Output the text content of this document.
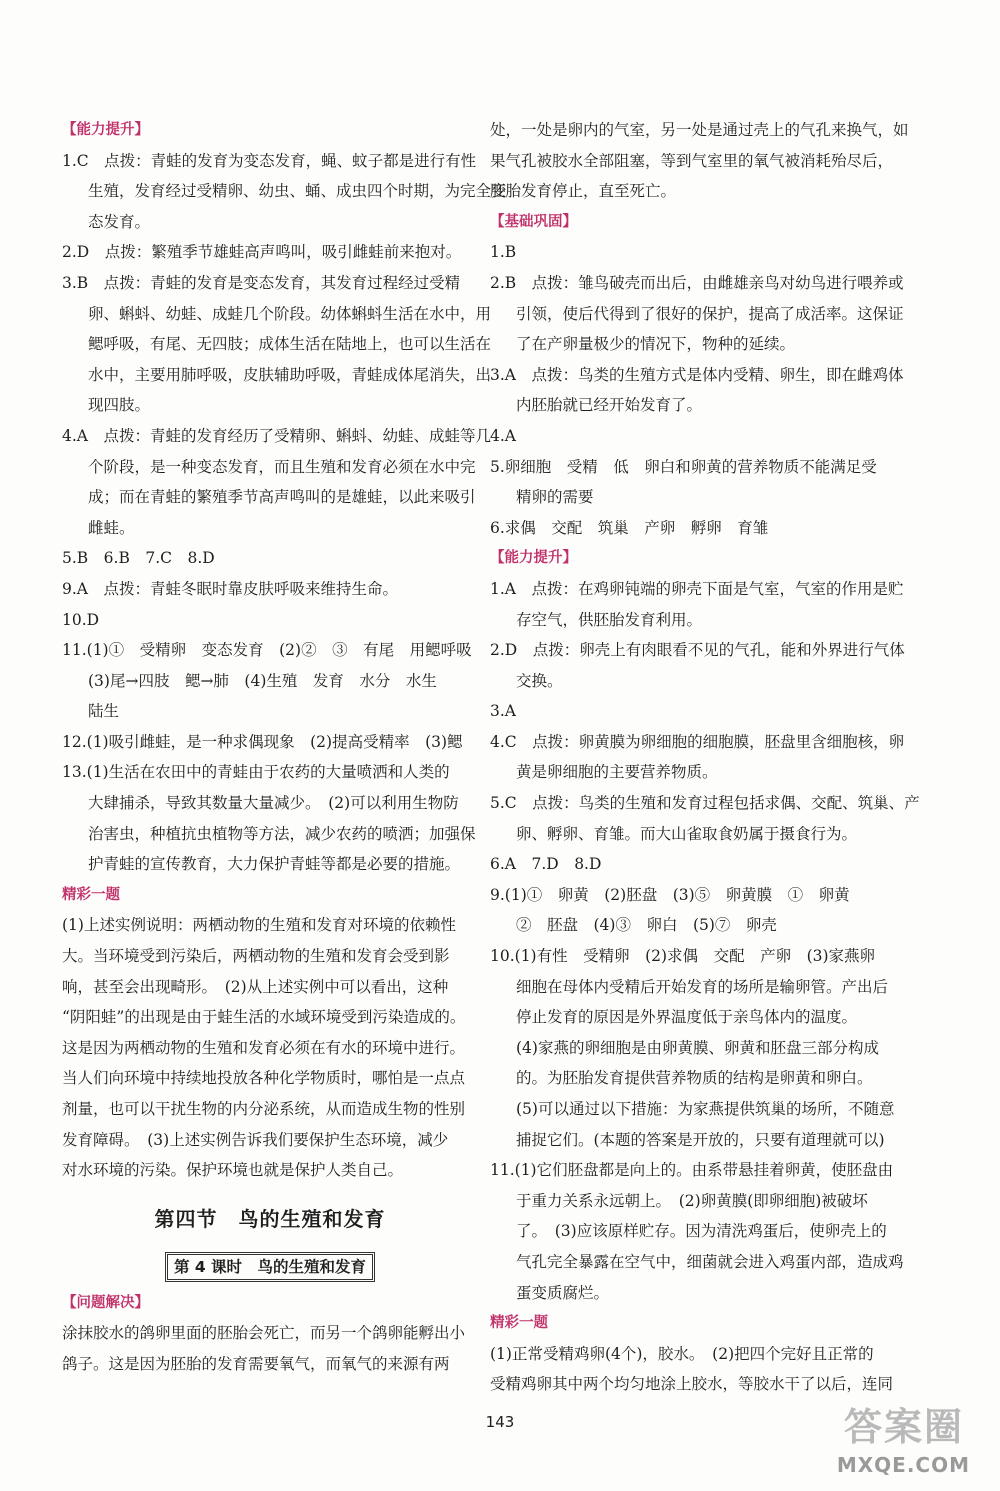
【能力提升】

1.C　点拨：青蛙的发育为变态发育，蝇、蚊子都是进行有性
生殖，发育经过受精卵、幼虫、蛹、成虫四个时期，为完全变
态发育。

2.D　点拨：繁殖季节雄蛙高声鸣叫，吸引雌蛙前来抱对。

3.B　点拨：青蛙的发育是变态发育，其发育过程经过受精
卵、蝌蚪、幼蛙、成蛙几个阶段。幼体蝌蚪生活在水中，用
鳃呼吸，有尾、无四肢；成体生活在陆地上，也可以生活在
水中，主要用肺呼吸，皮肤辅助呼吸，青蛙成体尾消失，出
现四肢。

4.A　点拨：青蛙的发育经历了受精卵、蝌蚪、幼蛙、成蛙等几
个阶段，是一种变态发育，而且生殖和发育必须在水中完
成；而在青蛙的繁殖季节高声鸣叫的是雄蛙，以此来吸引
雌蛙。

5.B　6.B　7.C　8.D

9.A　点拨：青蛙冬眠时靠皮肤呼吸来维持生命。

10.D

11.(1)①　受精卵　变态发育　(2)②　③　有尾　用鳃呼吸
(3)尾→四肢　鳃→肺　(4)生殖　发育　水分　水生
陆生

12.(1)吸引雌蛙，是一种求偶现象　(2)提高受精率　(3)鳃

13.(1)生活在农田中的青蛙由于农药的大量喷洒和人类的
大肆捕杀，导致其数量大量减少。　(2)可以利用生物防
治害虫，种植抗虫植物等方法，减少农药的喷洒；加强保
护青蛙的宣传教育，大力保护青蛙等都是必要的措施。

精彩一题

(1)上述实例说明：两栖动物的生殖和发育对环境的依赖性
大。当环境受到污染后，两栖动物的生殖和发育会受到影
响，甚至会出现畸形。　(2)从上述实例中可以看出，这种
“阴阳蛙”的出现是由于蛙生活的水域环境受到污染造成的。
这是因为两栖动物的生殖和发育必须在有水的环境中进行。
当人们向环境中持续地投放各种化学物质时，哪怕是一点点
剂量，也可以干扰生物的内分泌系统，从而造成生物的性别
发育障碍。　(3)上述实例告诉我们要保护生态环境，减少
对水环境的污染。保护环境也就是保护人类自己。

第四节　鸟的生殖和发育
第 4 课时　鸟的生殖和发育
【问题解决】

涂抹胶水的鸽卵里面的胚胎会死亡，而另一个鸽卵能孵出小
鸽子。这是因为胚胎的发育需要氧气，而氧气的来源有两

处，一处是卵内的气室，另一处是通过壳上的气孔来换气，如
果气孔被胶水全部阻塞，等到气室里的氧气被消耗殆尽后，
胚胎发育停止，直至死亡。

【基础巩固】

1.B

2.B　点拨：雏鸟破壳而出后，由雌雄亲鸟对幼鸟进行喂养或
引领，使后代得到了很好的保护，提高了成活率。这保证
了在产卵量极少的情况下，物种的延续。

3.A　点拨：鸟类的生殖方式是体内受精、卵生，即在雌鸡体
内胚胎就已经开始发育了。

4.A

5.卵细胞　受精　低　卵白和卵黄的营养物质不能满足受
精卵的需要

6.求偶　交配　筑巢　产卵　孵卵　育雏

【能力提升】

1.A　点拨：在鸡卵钝端的卵壳下面是气室，气室的作用是贮
存空气，供胚胎发育利用。

2.D　点拨：卵壳上有肉眼看不见的气孔，能和外界进行气体
交换。

3.A

4.C　点拨：卵黄膜为卵细胞的细胞膜，胚盘里含细胞核，卵
黄是卵细胞的主要营养物质。

5.C　点拨：鸟类的生殖和发育过程包括求偶、交配、筑巢、产
卵、孵卵、育雏。而大山雀取食奶属于摄食行为。

6.A　7.D　8.D

9.(1)①　卵黄　(2)胚盘　(3)⑤　卵黄膜　①　卵黄
②　胚盘　(4)③　卵白　(5)⑦　卵壳

10.(1)有性　受精卵　(2)求偶　交配　产卵　(3)家燕卵
细胞在母体内受精后开始发育的场所是输卵管。产出后
停止发育的原因是外界温度低于亲鸟体内的温度。
(4)家燕的卵细胞是由卵黄膜、卵黄和胚盘三部分构成
的。为胚胎发育提供营养物质的结构是卵黄和卵白。
(5)可以通过以下措施：为家燕提供筑巢的场所，不随意
捕捉它们。(本题的答案是开放的，只要有道理就可以)

11.(1)它们胚盘都是向上的。由系带悬挂着卵黄，使胚盘由
于重力关系永远朝上。　(2)卵黄膜(即卵细胞)被破坏
了。　(3)应该原样贮存。因为清洗鸡蛋后，使卵壳上的
气孔完全暴露在空气中，细菌就会进入鸡蛋内部，造成鸡
蛋变质腐烂。

精彩一题

(1)正常受精鸡卵(4个)，胶水。　(2)把四个完好且正常的
受精鸡卵其中两个均匀地涂上胶水，等胶水干了以后，连同

143	答案圈
MXQE.COM
